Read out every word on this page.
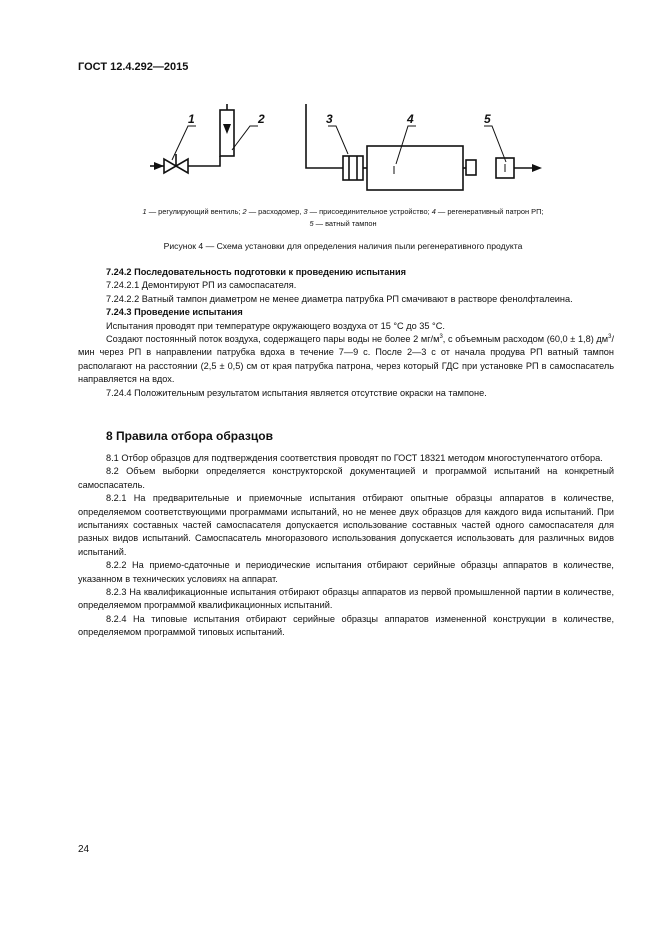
ГОСТ 12.4.292—2015
1	2	3	4	5
1 — регулирующий вентиль; 2 — расходомер, 3 — присоединительное устройство; 4 — регенеративный патрон РП;
5 — ватный тампон
Рисунок 4 — Схема установки для определения наличия пыли регенеративного продукта

7.24.2 Последовательность подготовки к проведению испытания

7.24.2.1 Демонтируют РП из самоспасателя.

7.24.2.2 Ватный тампон диаметром не менее диаметра патрубка РП смачивают в растворе фенолфталеина.

7.24.3 Проведение испытания

Испытания проводят при температуре окружающего воздуха от 15 °С до 35 °С.

Создают постоянный поток воздуха, содержащего пары воды не более 2 $мг/м^3$, с объемным расходом (60,0 ± 1,8) $дм^3$/мин через РП в направлении патрубка вдоха в течение 7—9 с. После 2—3 с от начала продува РП ватный тампон располагают на расстоянии (2,5 ± 0,5) см от края патрубка патрона, через который ГДС при установке РП в самоспасатель направляется на вдох.

7.24.4 Положительным результатом испытания является отсутствие окраски на тампоне.

8 Правила отбора образцов

8.1 Отбор образцов для подтверждения соответствия проводят по ГОСТ 18321 методом многоступенчатого отбора.

8.2 Объем выборки определяется конструкторской документацией и программой испытаний на конкретный самоспасатель.

8.2.1 На предварительные и приемочные испытания отбирают опытные образцы аппаратов в количестве, определяемом соответствующими программами испытаний, но не менее двух образцов для каждого вида испытаний. При испытаниях составных частей самоспасателя допускается использование составных частей одного самоспасателя для разных видов испытаний. Самоспасатель многоразового использования допускается использовать для различных видов испытаний.

8.2.2 На приемо-сдаточные и периодические испытания отбирают серийные образцы аппаратов в количестве, указанном в технических условиях на аппарат.

8.2.3 На квалификационные испытания отбирают образцы аппаратов из первой промышленной партии в количестве, определяемом программой квалификационных испытаний.

8.2.4 На типовые испытания отбирают серийные образцы аппаратов измененной конструкции в количестве, определяемом программой типовых испытаний.

24
